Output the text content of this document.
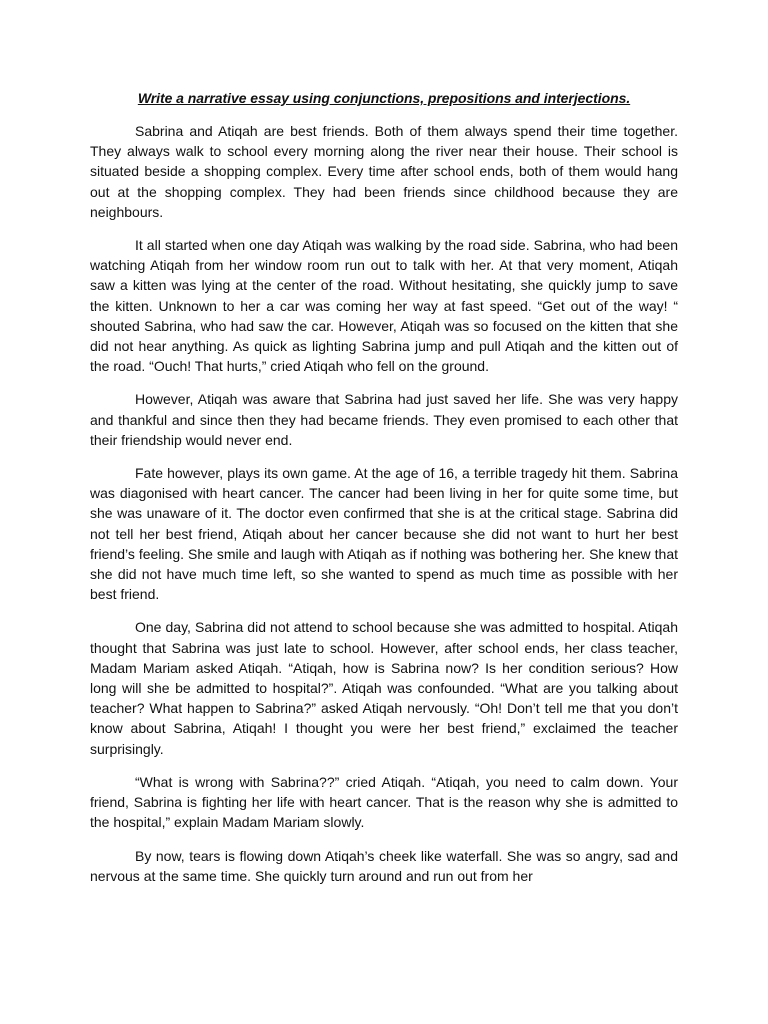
Write a narrative essay using conjunctions, prepositions and interjections.

Sabrina and Atiqah are best friends. Both of them always spend their time together. They always walk to school every morning along the river near their house. Their school is situated beside a shopping complex. Every time after school ends, both of them would hang out at the shopping complex. They had been friends since childhood because they are neighbours.

It all started when one day Atiqah was walking by the road side. Sabrina, who had been watching Atiqah from her window room run out to talk with her. At that very moment, Atiqah saw a kitten was lying at the center of the road. Without hesitating, she quickly jump to save the kitten. Unknown to her a car was coming her way at fast speed. “Get out of the way! “ shouted Sabrina, who had saw the car. However, Atiqah was so focused on the kitten that she did not hear anything. As quick as lighting Sabrina jump and pull Atiqah and the kitten out of the road. “Ouch! That hurts,” cried Atiqah who fell on the ground.

However, Atiqah was aware that Sabrina had just saved her life. She was very happy and thankful and since then they had became friends. They even promised to each other that their friendship would never end.

Fate however, plays its own game. At the age of 16, a terrible tragedy hit them. Sabrina was diagonised with heart cancer. The cancer had been living in her for quite some time, but she was unaware of it. The doctor even confirmed that she is at the critical stage. Sabrina did not tell her best friend, Atiqah about her cancer because she did not want to hurt her best friend’s feeling. She smile and laugh with Atiqah as if nothing was bothering her. She knew that she did not have much time left, so she wanted to spend as much time as possible with her best friend.

One day, Sabrina did not attend to school because she was admitted to hospital. Atiqah thought that Sabrina was just late to school. However, after school ends, her class teacher, Madam Mariam asked Atiqah. “Atiqah, how is Sabrina now? Is her condition serious? How long will she be admitted to hospital?”. Atiqah was confounded. “What are you talking about teacher? What happen to Sabrina?” asked Atiqah nervously. “Oh! Don’t tell me that you don’t know about Sabrina, Atiqah! I thought you were her best friend,” exclaimed the teacher surprisingly.

“What is wrong with Sabrina??” cried Atiqah. “Atiqah, you need to calm down. Your friend, Sabrina is fighting her life with heart cancer. That is the reason why she is admitted to the hospital,” explain Madam Mariam slowly.

By now, tears is flowing down Atiqah’s cheek like waterfall. She was so angry, sad and nervous at the same time. She quickly turn around and run out from her
